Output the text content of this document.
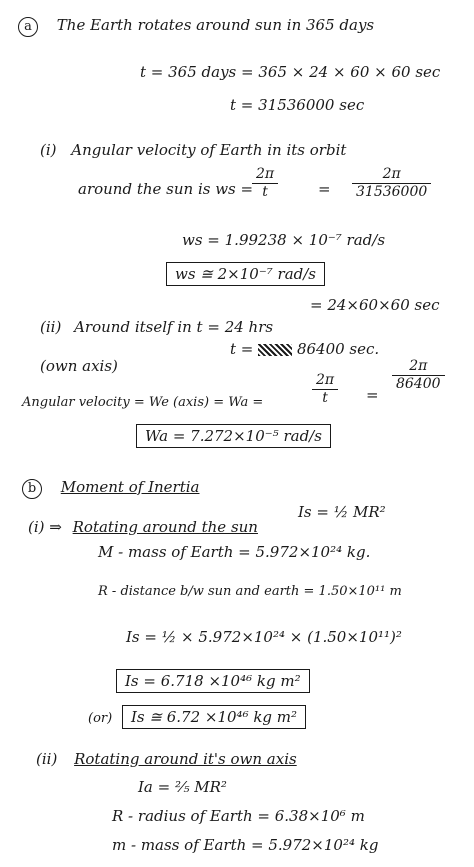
a The Earth rotates around sun in 365 days
t = 365 days = 365 × 24 × 60 × 60 sec
t = 31536000 sec
(i) Angular velocity of Earth in its orbit
around the sun is ws =
$\frac{2\pi}{t}$	= $\frac{2\pi}{31536000}$
ws = 1.99238 × 10⁻⁷ rad/s
ws ≅ 2×10⁻⁷ rad/s
(ii) Around itself in t = 24 hrs
= 24×60×60 sec
t =	86400 sec.
(own axis)
Angular velocity = We (axis) = Wa =	$\frac{2\pi}{t}$ =
$\frac{2\pi}{86400}$
Wa = 7.272×10⁻⁵ rad/s
b Moment of Inertia
(i) ⇒ Rotating around the sun
Is = ½ MR²
M - mass of Earth = 5.972×10²⁴ kg.
R - distance b/w sun and earth = 1.50×10¹¹ m
Is = ½ × 5.972×10²⁴ × (1.50×10¹¹)²
Is = 6.718 ×10⁴⁶ kg m²
(or)	Is ≅ 6.72 ×10⁴⁶ kg m²
(ii) Rotating around it's own axis
Ia = ⅖ MR²
R - radius of Earth = 6.38×10⁶ m
m - mass of Earth = 5.972×10²⁴ kg
